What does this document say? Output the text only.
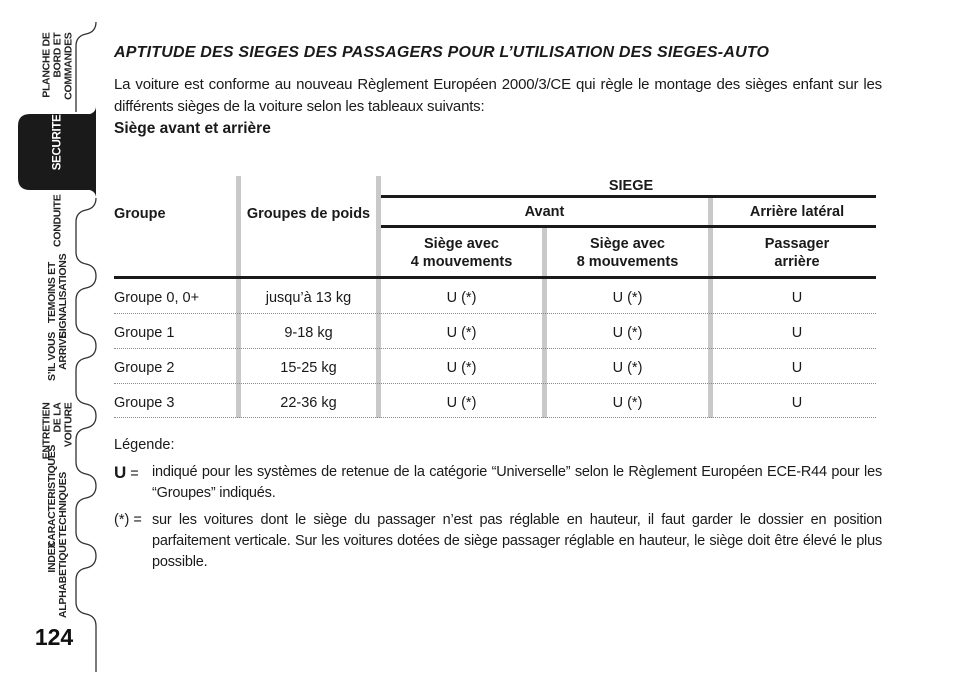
PLANCHE DE
BORD ET
COMMANDES
SECURITE
CONDUITE
TEMOINS ET
SIGNALISATIONS
S’IL VOUS
ARRIVE
ENTRETIEN
DE LA VOITURE
CARACTERISTIQUES
TECHNIQUES
INDEX
ALPHABETIQUE
124
APTITUDE DES SIEGES DES PASSAGERS POUR L’UTILISATION DES SIEGES-AUTO
La voiture est conforme au nouveau Règlement Européen 2000/3/CE qui règle le montage des sièges enfant sur les différents sièges de la voiture selon les tableaux suivants:
Siège avant et arrière
SIEGE
Groupe	Groupes de poids	Avant	Arrière latéral
Siège avec
4 mouvements
Siège avec
8 mouvements
Passager
arrière
Groupe 0, 0+	jusqu’à 13 kg	U (*)	U (*)	U
Groupe 1	9-18 kg	U (*)	U (*)	U
Groupe 2	15-25 kg	U (*)	U (*)	U
Groupe 3	22-36 kg	U (*)	U (*)	U
Légende:
U = indiqué pour les systèmes de retenue de la catégorie “Universelle” selon le Règlement Européen ECE-R44 pour les “Groupes” indiqués.
(*) = sur les voitures dont le siège du passager n’est pas réglable en hauteur, il faut garder le dossier en position parfaitement verticale. Sur les voitures dotées de siège passager réglable en hauteur, le siège doit être élevé le plus possible.
